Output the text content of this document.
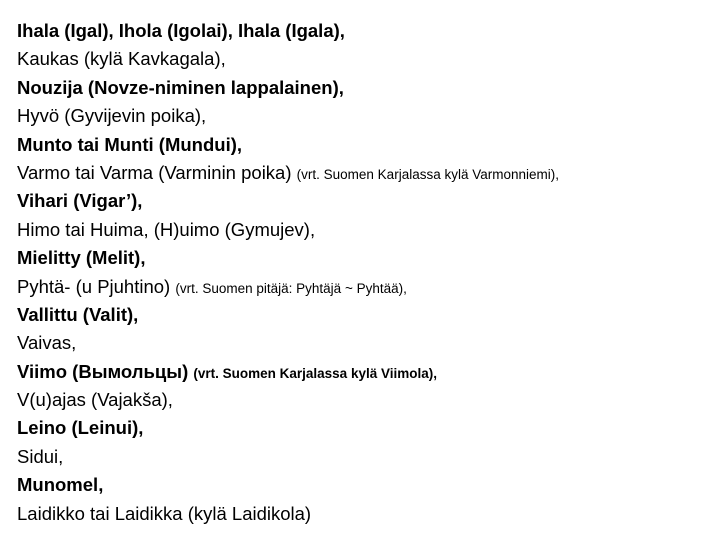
Ihala (Igal), Ihola (Igolai), Ihala (Igala),
Kaukas (kylä Kavkagala),
Nouzija (Novze-niminen lappalainen),
Hyvö (Gyvijevin poika),
Munto tai Munti (Mundui),
Varmo tai Varma (Varminin poika) (vrt. Suomen Karjalassa kylä Varmonniemi),
Vihari (Vigar’),
Himo tai Huima, (H)uimo (Gymujev),
Mielitty (Melit),
Pyhtä- (u Pjuhtino) (vrt. Suomen pitäjä: Pyhtäjä ~ Pyhtää),
Vallittu (Valit),
Vaivas,
Viimo (Вымольцы) (vrt. Suomen Karjalassa kylä Viimola),
V(u)ajas (Vajakša),
Leino (Leinui),
Sidui,
Munomel,
Laidikko tai Laidikka (kylä Laidikola)
